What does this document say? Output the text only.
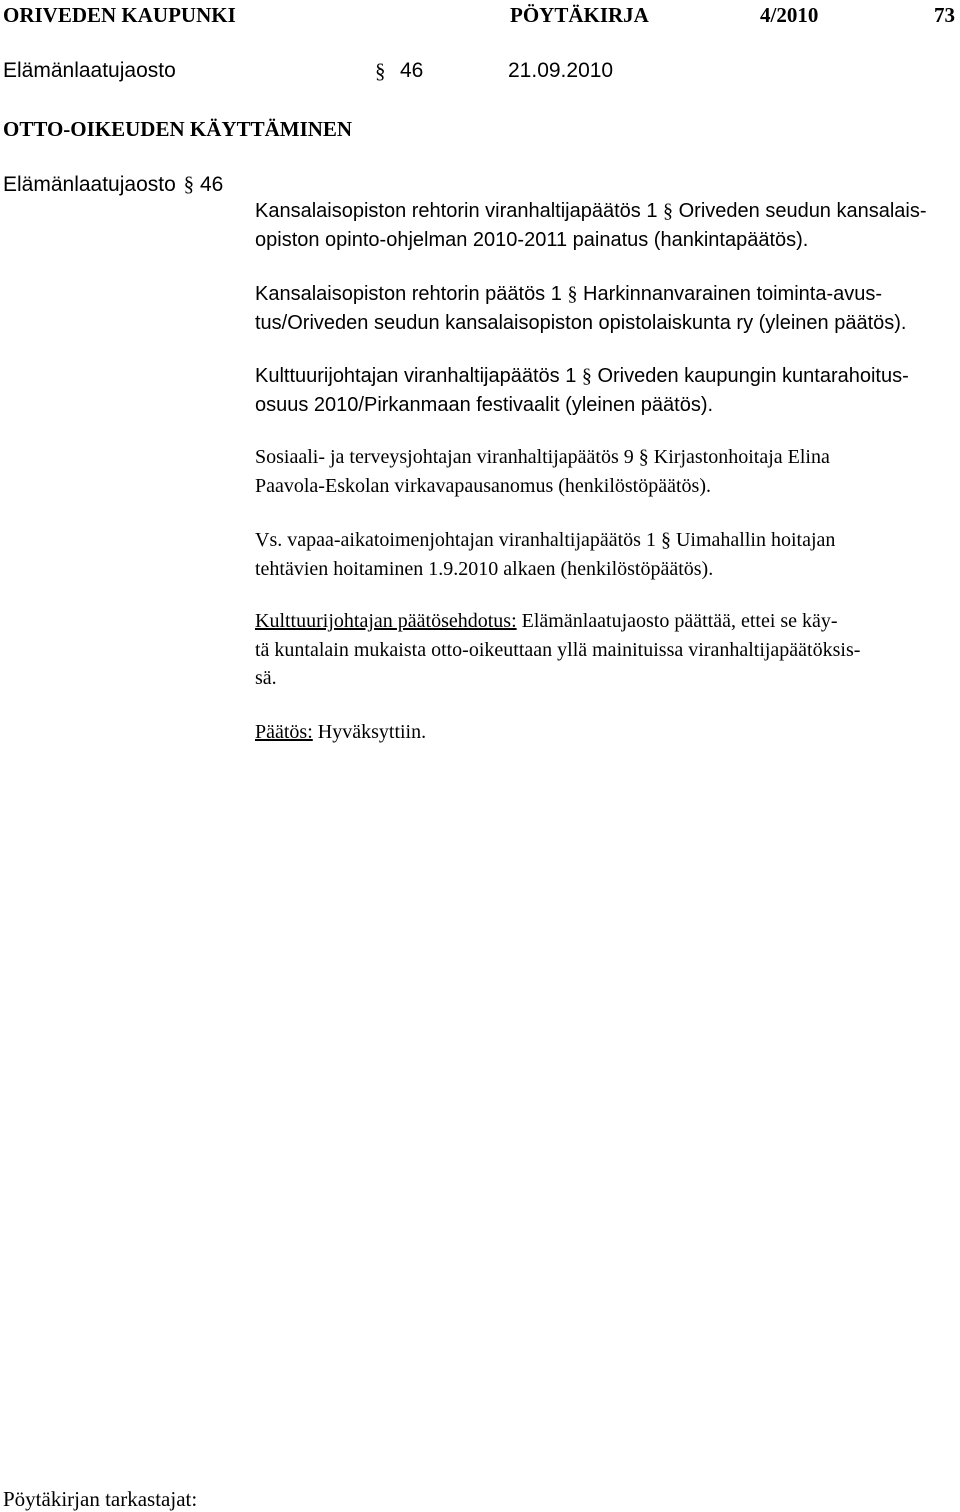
ORIVEDEN KAUPUNKI	PÖYTÄKIRJA	4/2010	73
Elämänlaatujaosto	§ 46	21.09.2010
OTTO-OIKEUDEN KÄYTTÄMINEN
Elämänlaatujaosto § 46
Kansalaisopiston rehtorin viranhaltijapäätös 1 § Oriveden seudun kansalais-
opiston opinto-ohjelman 2010-2011 painatus (hankintapäätös).
Kansalaisopiston rehtorin päätös 1 § Harkinnanvarainen toiminta-avus-
tus/Oriveden seudun kansalaisopiston opistolaiskunta ry (yleinen päätös).
Kulttuurijohtajan viranhaltijapäätös 1 § Oriveden kaupungin kuntarahoitus-
osuus 2010/Pirkanmaan festivaalit (yleinen päätös).
Sosiaali- ja terveysjohtajan viranhaltijapäätös 9 § Kirjastonhoitaja Elina
Paavola-Eskolan virkavapausanomus (henkilöstöpäätös).
Vs. vapaa-aikatoimenjohtajan viranhaltijapäätös 1 § Uimahallin hoitajan
tehtävien hoitaminen 1.9.2010 alkaen (henkilöstöpäätös).
Kulttuurijohtajan päätösehdotus: Elämänlaatujaosto päättää, ettei se käy-
tä kuntalain mukaista otto-oikeuttaan yllä mainituissa viranhaltijapäätöksis-
sä.
Päätös: Hyväksyttiin.
Pöytäkirjan tarkastajat:
